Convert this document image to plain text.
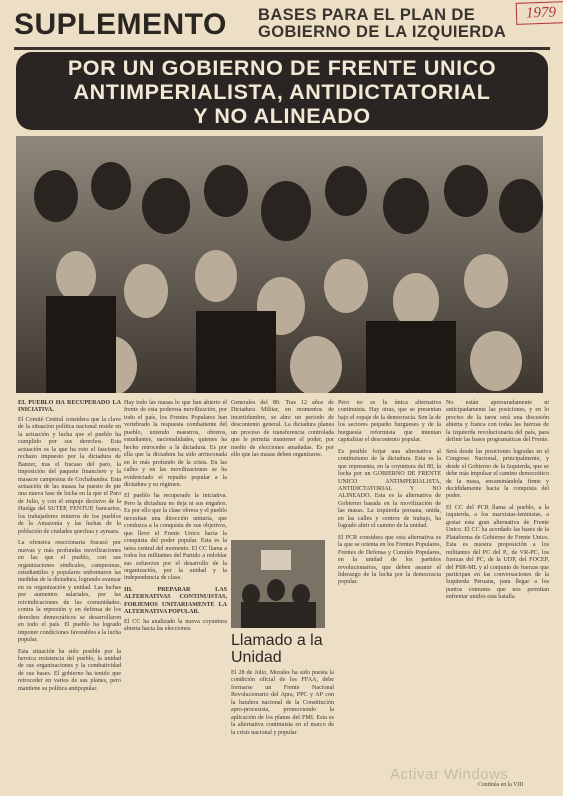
SUPLEMENTO BASES PARA EL PLAN DE
GOBIERNO DE LA IZQUIERDA
1979
POR UN GOBIERNO DE FRENTE UNICO
ANTIMPERIALISTA, ANTIDICTATORIAL
Y NO ALINEADO

EL PUEBLO HA RECUPERADO LA INICIATIVA.

El Comité Central considera que la clave de la situación política nacional reside en la actuación y lucha que el pueblo ha cumplido por sus derechos. Esta actuación es la que ha roto el fascismo, rechazo impuesto por la dictadura de Banzer, tras el fracaso del paro, la imposición del paquete financiero y la masacre campesina de Cochabamba. Esta actuación de las masas ha puesto de pie una nueva fase de lucha en la que el Paro de Julio, y con el empuje decisivo de la Huelga del SUTEP, FENTUP, bancarios, los trabajadores mineros de los pueblos de la Amazonía y las luchas de la población de ciudades quechua y aymara.

La ofensiva reaccionaria fracasó por nuevas y más profundas movilizaciones en las que el pueblo, con sus organizaciones sindicales, campesinas, estudiantiles y populares enfrentaron las medidas de la dictadura, logrando avanzar en su organización y unidad. Las luchas por aumentos salariales, por las reivindicaciones de las comunidades, contra la represión y en defensa de los derechos democráticos se desarrollaron en todo el país. El pueblo ha logrado imponer condiciones favorables a la lucha popular.

Esta situación ha sido posible por la heroica resistencia del pueblo, la unidad de sus organizaciones y la combatividad de sus bases. El gobierno ha tenido que retroceder en varios de sus planes, pero mantiene su política antipopular.

Hay todo las masas lo que han abierto el frente de esta poderosa movilización, por todo el país, los Frentes Populares han vertebrado la respuesta combatiente del pueblo, uniendo maestros, obreros, estudiantes, nacionalidades, quienes ha hecho retroceder a la dictadura. Es por ella que la dictadura ha sido arrinconada en lo más profundo de la crisis. En las calles y en las movilizaciones se ha evidenciado el repudio popular a la dictadura y su régimen.

El pueblo ha recuperado la iniciativa. Pero la dictadura no deja ni sus engaños. Es por ello que la clase obrera y el pueblo necesitan una dirección unitaria, que conduzca a la conquista de sus objetivos, que lleve el Frente Unico hacia la conquista del poder popular. Esta es la tarea central del momento. El CC llama a todos los militantes del Partido a redoblar sus esfuerzos por el desarrollo de la organización, por la unidad y la independencia de clase.

III. PREPARAR LAS ALTERNATIVAS CONTINUISTAS, FORJEMOS UNITARIAMENTE LA ALTERNATIVA POPULAR.

El CC ha analizado la nueva coyuntura abierta hacia las elecciones.

Generales del 80. Tras 12 años de Dictadura Militar, en momentos de incertidumbre, se abre un periodo de descontento general. La dictadura planea un proceso de transferencia controlada que le permita mantener el poder, por medio de elecciones amañadas. Es por ello que las masas deben organizarse.

Llamado a la Unidad

El 28 de Julio, Morales ha sido puesta la condición oficial de los FFAA, debe formarse un Frente Nacional Revolucionario del Apra, PPC y AP con la bandera nacional de la Constitución apro-procesista, promoviendo la aplicación de los planes del FMI. Esta es la alternativa continuista en el marco de la crisis nacional y popular.

Pero no es la única alternativa continuista. Hay otras, que se presentan bajo el ropaje de la democracia. Son la de los sectores pequeño burgueses y de la burguesía reformista que intentan capitalizar el descontento popular.

Es posible forjar una alternativa al continuismo de la dictadura. Esta es la que representa, en la coyuntura del 80, la lucha por un GOBIERNO DE FRENTE UNICO ANTIMPERIALISTA, ANTIDICTATORIAL Y NO ALINEADO. Esta es la alternativa de Gobierno basada en la movilización de las masas. La izquierda peruana, unida, en las calles y centros de trabajo, ha logrado abrir el camino de la unidad.

El PCR considera que esta alternativa es la que se orienta en los Frentes Populares, Frentes de Defensa y Comités Populares, en la unidad de los partidos revolucionarios, que deben asumir el liderazgo de la lucha por la democracia popular.

No están apresuradamente ni anticipadamente las posiciones, y en lo preciso de la tarea será una discusión abierta y franca con todas las fuerzas de la izquierda revolucionaria del país, para definir las bases programáticas del Frente.

Será desde las posiciones logradas en el Congreso Nacional, principalmente, y desde el Gobierno de la Izquierda, que se debe más impulsar el camino democrático de la masa, encaminándola firme y decididamente hacia la conquista del poder.

El CC del PCR llama al pueblo, a la izquierda, a los marxistas-leninistas, a gestar esta gran alternativa de Frente Unico. El CC ha acordado las bases de la Plataforma de Gobierno de Frente Unico. Esta es nuestra proposición a los militantes del PC del P., de VR-PC, los fuerzas del PC, de la UDP, del FOCEP, del PSR-ML y al conjunto de fuerzas que participan en las conversaciones de la Izquierda Peruana, para llegar a los puntos comunes que nos permitan enfrentar unidos esta batalla.

Activar Windows
Continúa en la VIII
